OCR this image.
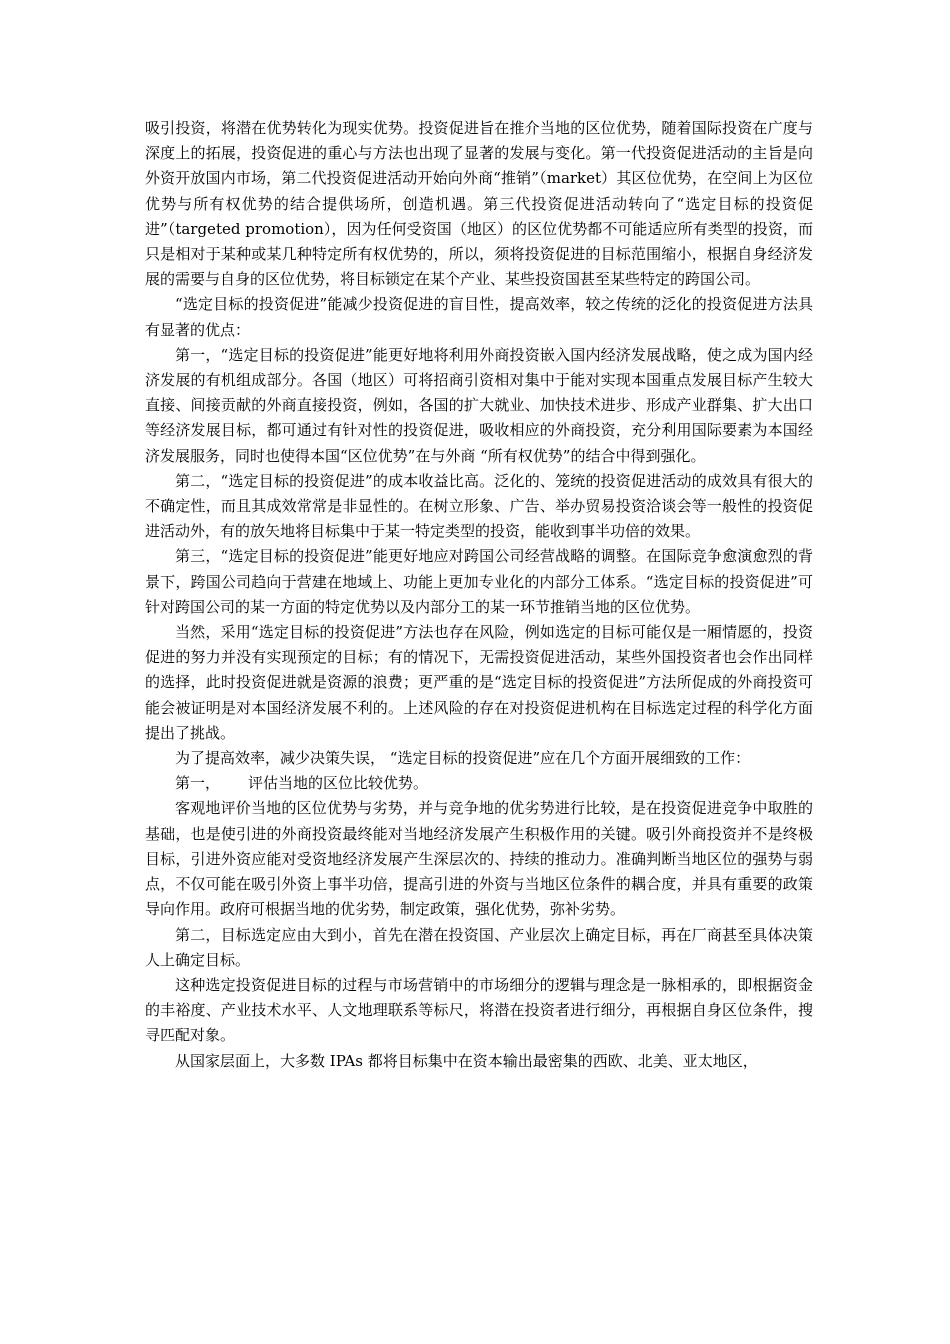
吸引投资，将潜在优势转化为现实优势。投资促进旨在推介当地的区位优势，随着国际投资在广度与深度上的拓展，投资促进的重心与方法也出现了显著的发展与变化。第一代投资促进活动的主旨是向外资开放国内市场，第二代投资促进活动开始向外商“推销”（market）其区位优势，在空间上为区位优势与所有权优势的结合提供场所，创造机遇。第三代投资促进活动转向了“选定目标的投资促进”（targeted promotion），因为任何受资国（地区）的区位优势都不可能适应所有类型的投资，而只是相对于某种或某几种特定所有权优势的，所以，须将投资促进的目标范围缩小，根据自身经济发展的需要与自身的区位优势，将目标锁定在某个产业、某些投资国甚至某些特定的跨国公司。

“选定目标的投资促进”能减少投资促进的盲目性，提高效率，较之传统的泛化的投资促进方法具有显著的优点：

第一，“选定目标的投资促进”能更好地将利用外商投资嵌入国内经济发展战略，使之成为国内经济发展的有机组成部分。各国（地区）可将招商引资相对集中于能对实现本国重点发展目标产生较大直接、间接贡献的外商直接投资，例如，各国的扩大就业、加快技术进步、形成产业群集、扩大出口等经济发展目标，都可通过有针对性的投资促进，吸收相应的外商投资，充分利用国际要素为本国经济发展服务，同时也使得本国“区位优势”在与外商 “所有权优势”的结合中得到强化。

第二，“选定目标的投资促进”的成本收益比高。泛化的、笼统的投资促进活动的成效具有很大的不确定性，而且其成效常常是非显性的。在树立形象、广告、举办贸易投资洽谈会等一般性的投资促进活动外，有的放矢地将目标集中于某一特定类型的投资，能收到事半功倍的效果。

第三，“选定目标的投资促进”能更好地应对跨国公司经营战略的调整。在国际竞争愈演愈烈的背景下，跨国公司趋向于营建在地域上、功能上更加专业化的内部分工体系。“选定目标的投资促进”可针对跨国公司的某一方面的特定优势以及内部分工的某一环节推销当地的区位优势。

当然，采用“选定目标的投资促进”方法也存在风险，例如选定的目标可能仅是一厢情愿的，投资促进的努力并没有实现预定的目标；有的情况下，无需投资促进活动，某些外国投资者也会作出同样的选择，此时投资促进就是资源的浪费；更严重的是“选定目标的投资促进”方法所促成的外商投资可能会被证明是对本国经济发展不利的。上述风险的存在对投资促进机构在目标选定过程的科学化方面提出了挑战。

为了提高效率，减少决策失误， “选定目标的投资促进”应在几个方面开展细致的工作：

第一， 评估当地的区位比较优势。

客观地评价当地的区位优势与劣势，并与竞争地的优劣势进行比较，是在投资促进竞争中取胜的基础，也是使引进的外商投资最终能对当地经济发展产生积极作用的关键。吸引外商投资并不是终极目标，引进外资应能对受资地经济发展产生深层次的、持续的推动力。准确判断当地区位的强势与弱点，不仅可能在吸引外资上事半功倍，提高引进的外资与当地区位条件的耦合度，并具有重要的政策导向作用。政府可根据当地的优劣势，制定政策，强化优势，弥补劣势。

第二，目标选定应由大到小，首先在潜在投资国、产业层次上确定目标，再在厂商甚至具体决策人上确定目标。

这种选定投资促进目标的过程与市场营销中的市场细分的逻辑与理念是一脉相承的，即根据资金的丰裕度、产业技术水平、人文地理联系等标尺，将潜在投资者进行细分，再根据自身区位条件，搜寻匹配对象。

从国家层面上，大多数 IPAs 都将目标集中在资本输出最密集的西欧、北美、亚太地区，
